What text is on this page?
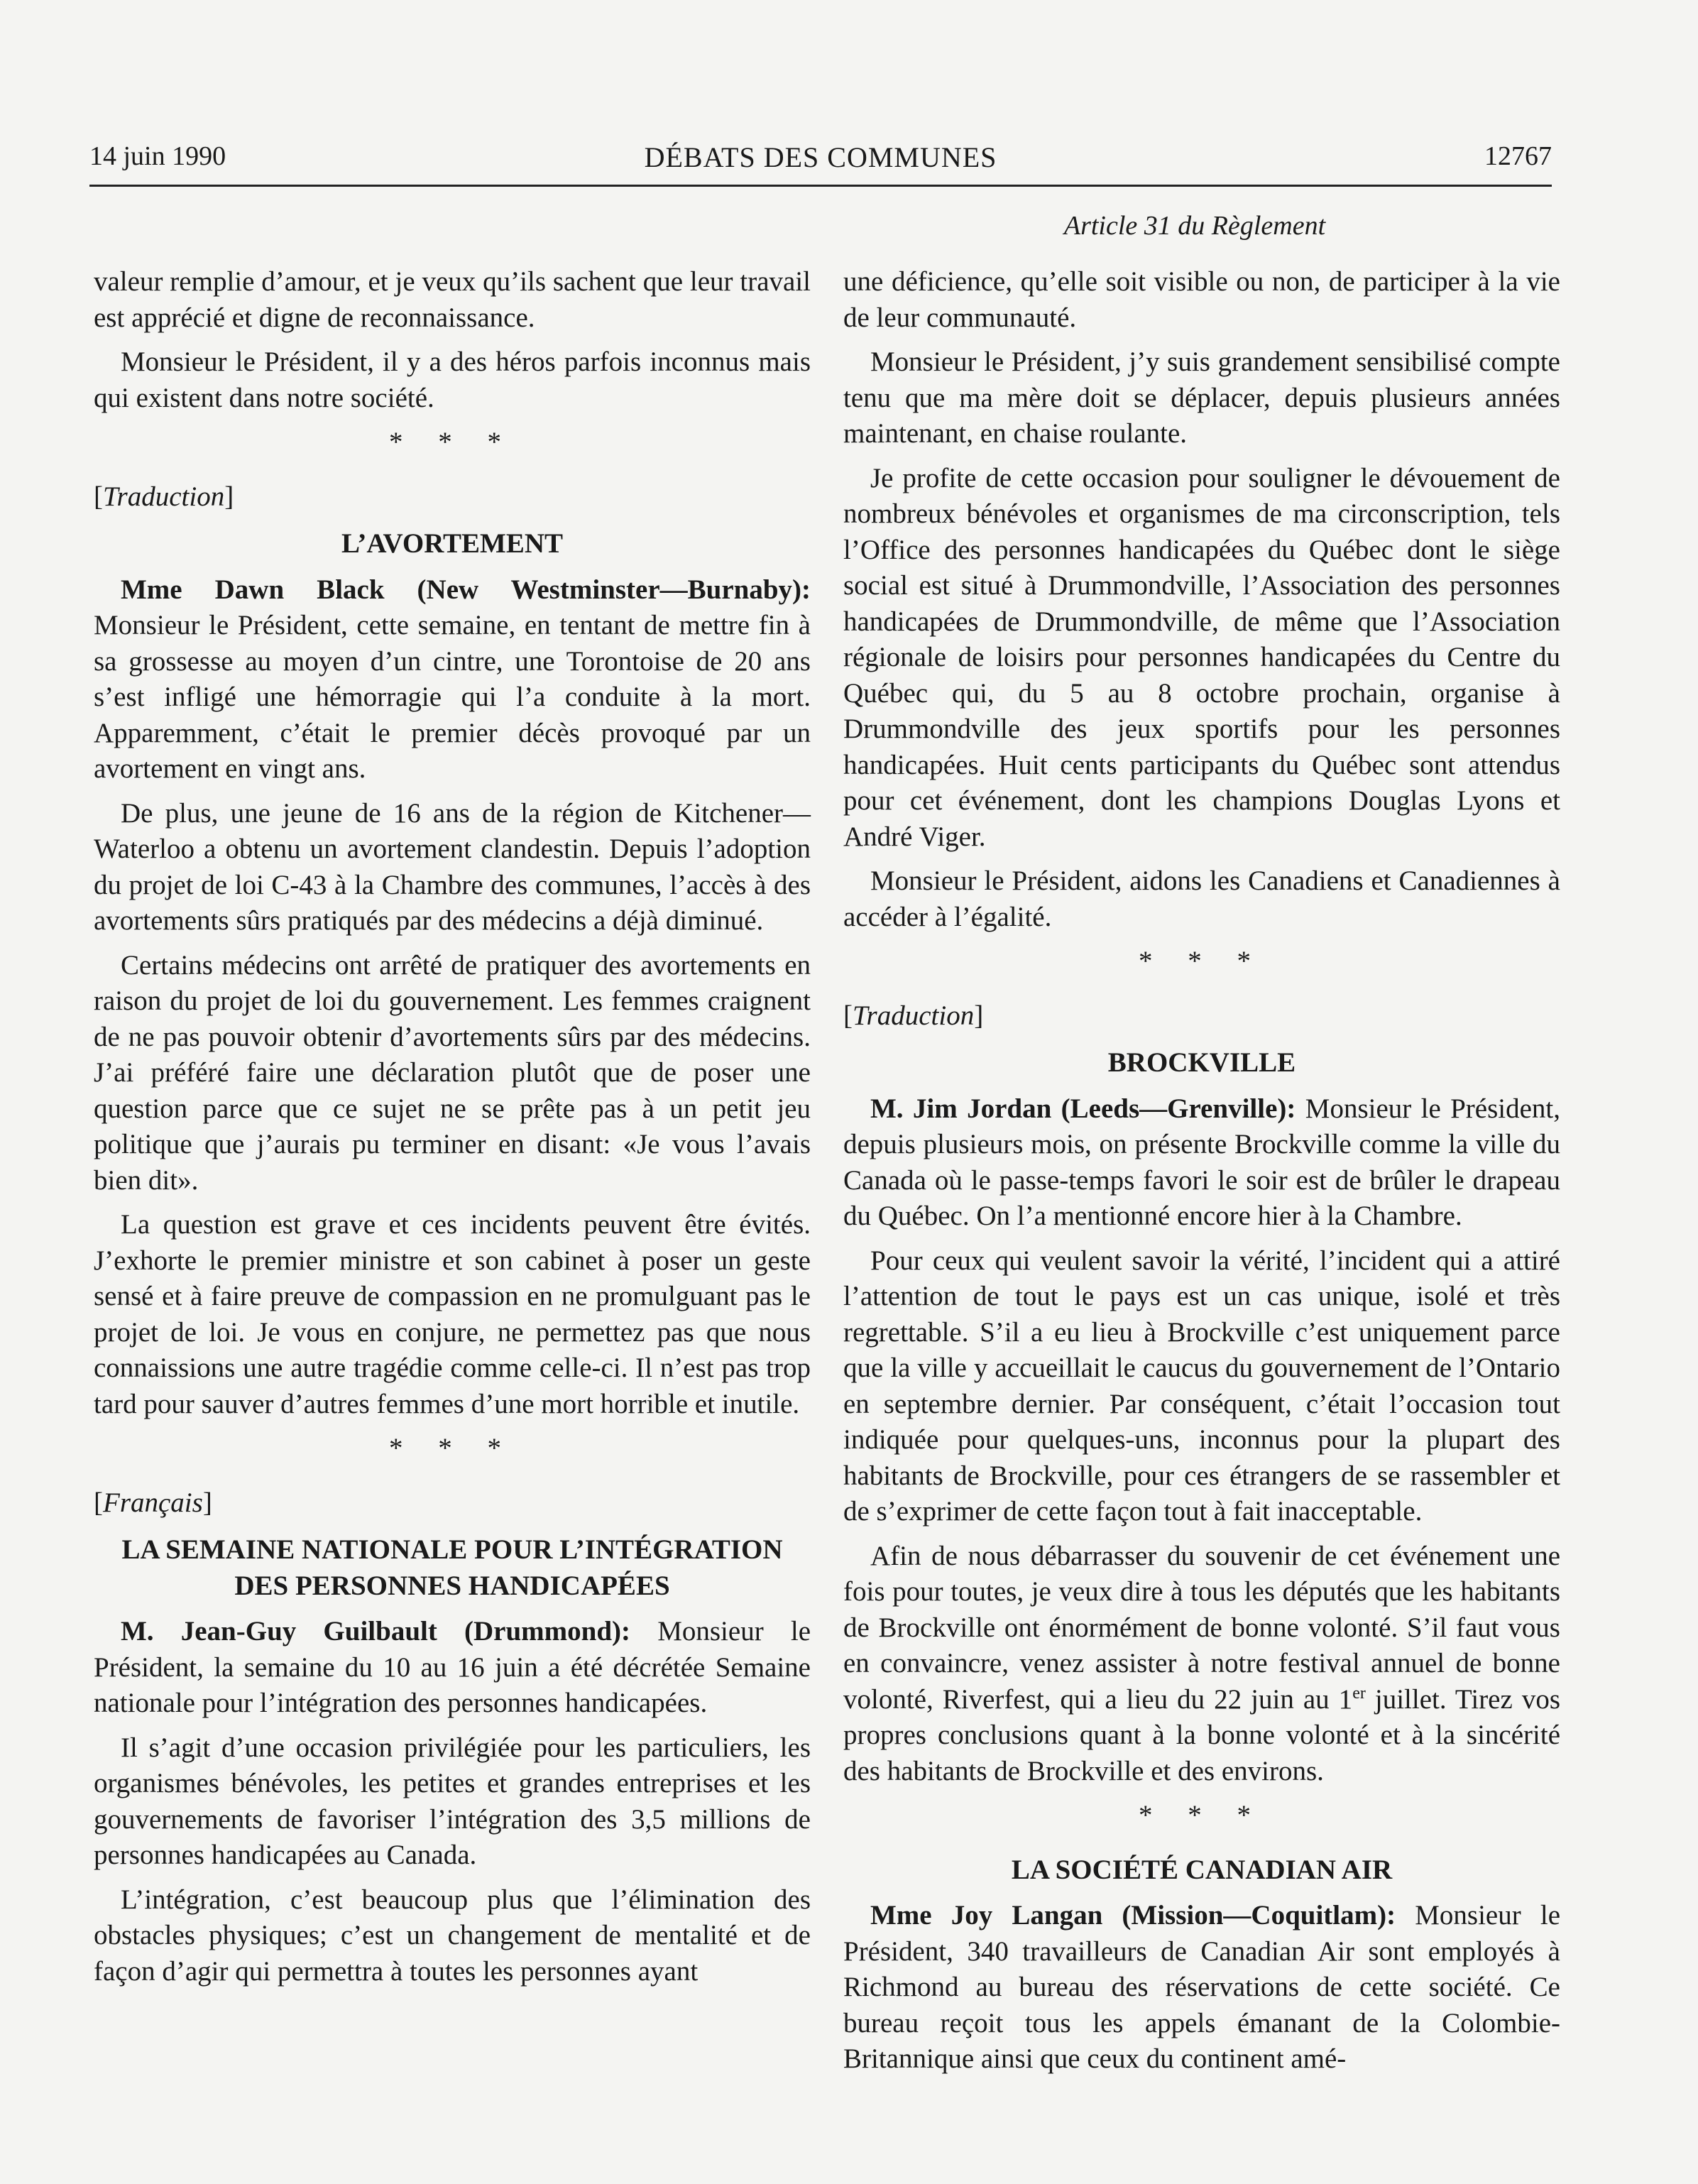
14 juin 1990	DÉBATS DES COMMUNES	12767
Article 31 du Règlement

valeur remplie d’amour, et je veux qu’ils sachent que leur travail est apprécié et digne de reconnaissance.

Monsieur le Président, il y a des héros parfois inconnus mais qui existent dans notre société.

* * *
[Traduction]
L’AVORTEMENT

Mme Dawn Black (New Westminster—Burnaby): Monsieur le Président, cette semaine, en tentant de mettre fin à sa grossesse au moyen d’un cintre, une Torontoise de 20 ans s’est infligé une hémorragie qui l’a conduite à la mort. Apparemment, c’était le premier décès provoqué par un avortement en vingt ans.

De plus, une jeune de 16 ans de la région de Kitchener—Waterloo a obtenu un avortement clandestin. Depuis l’adoption du projet de loi C-43 à la Chambre des communes, l’accès à des avortements sûrs pratiqués par des médecins a déjà diminué.

Certains médecins ont arrêté de pratiquer des avortements en raison du projet de loi du gouvernement. Les femmes craignent de ne pas pouvoir obtenir d’avortements sûrs par des médecins. J’ai préféré faire une déclaration plutôt que de poser une question parce que ce sujet ne se prête pas à un petit jeu politique que j’aurais pu terminer en disant: «Je vous l’avais bien dit».

La question est grave et ces incidents peuvent être évités. J’exhorte le premier ministre et son cabinet à poser un geste sensé et à faire preuve de compassion en ne promulguant pas le projet de loi. Je vous en conjure, ne permettez pas que nous connaissions une autre tragédie comme celle-ci. Il n’est pas trop tard pour sauver d’autres femmes d’une mort horrible et inutile.

* * *
[Français]
LA SEMAINE NATIONALE POUR L’INTÉGRATION DES PERSONNES HANDICAPÉES

M. Jean-Guy Guilbault (Drummond): Monsieur le Président, la semaine du 10 au 16 juin a été décrétée Semaine nationale pour l’intégration des personnes handicapées.

Il s’agit d’une occasion privilégiée pour les particuliers, les organismes bénévoles, les petites et grandes entreprises et les gouvernements de favoriser l’intégration des 3,5 millions de personnes handicapées au Canada.

L’intégration, c’est beaucoup plus que l’élimination des obstacles physiques; c’est un changement de mentalité et de façon d’agir qui permettra à toutes les personnes ayant

une déficience, qu’elle soit visible ou non, de participer à la vie de leur communauté.

Monsieur le Président, j’y suis grandement sensibilisé compte tenu que ma mère doit se déplacer, depuis plusieurs années maintenant, en chaise roulante.

Je profite de cette occasion pour souligner le dévouement de nombreux bénévoles et organismes de ma circonscription, tels l’Office des personnes handicapées du Québec dont le siège social est situé à Drummondville, l’Association des personnes handicapées de Drummondville, de même que l’Association régionale de loisirs pour personnes handicapées du Centre du Québec qui, du 5 au 8 octobre prochain, organise à Drummondville des jeux sportifs pour les personnes handicapées. Huit cents participants du Québec sont attendus pour cet événement, dont les champions Douglas Lyons et André Viger.

Monsieur le Président, aidons les Canadiens et Canadiennes à accéder à l’égalité.

* * *
[Traduction]
BROCKVILLE

M. Jim Jordan (Leeds—Grenville): Monsieur le Président, depuis plusieurs mois, on présente Brockville comme la ville du Canada où le passe-temps favori le soir est de brûler le drapeau du Québec. On l’a mentionné encore hier à la Chambre.

Pour ceux qui veulent savoir la vérité, l’incident qui a attiré l’attention de tout le pays est un cas unique, isolé et très regrettable. S’il a eu lieu à Brockville c’est uniquement parce que la ville y accueillait le caucus du gouvernement de l’Ontario en septembre dernier. Par conséquent, c’était l’occasion tout indiquée pour quelques-uns, inconnus pour la plupart des habitants de Brockville, pour ces étrangers de se rassembler et de s’exprimer de cette façon tout à fait inacceptable.

Afin de nous débarrasser du souvenir de cet événement une fois pour toutes, je veux dire à tous les députés que les habitants de Brockville ont énormément de bonne volonté. S’il faut vous en convaincre, venez assister à notre festival annuel de bonne volonté, Riverfest, qui a lieu du 22 juin au 1er juillet. Tirez vos propres conclusions quant à la bonne volonté et à la sincérité des habitants de Brockville et des environs.

* * *
LA SOCIÉTÉ CANADIAN AIR

Mme Joy Langan (Mission—Coquitlam): Monsieur le Président, 340 travailleurs de Canadian Air sont employés à Richmond au bureau des réservations de cette société. Ce bureau reçoit tous les appels émanant de la Colombie-Britannique ainsi que ceux du continent amé-
